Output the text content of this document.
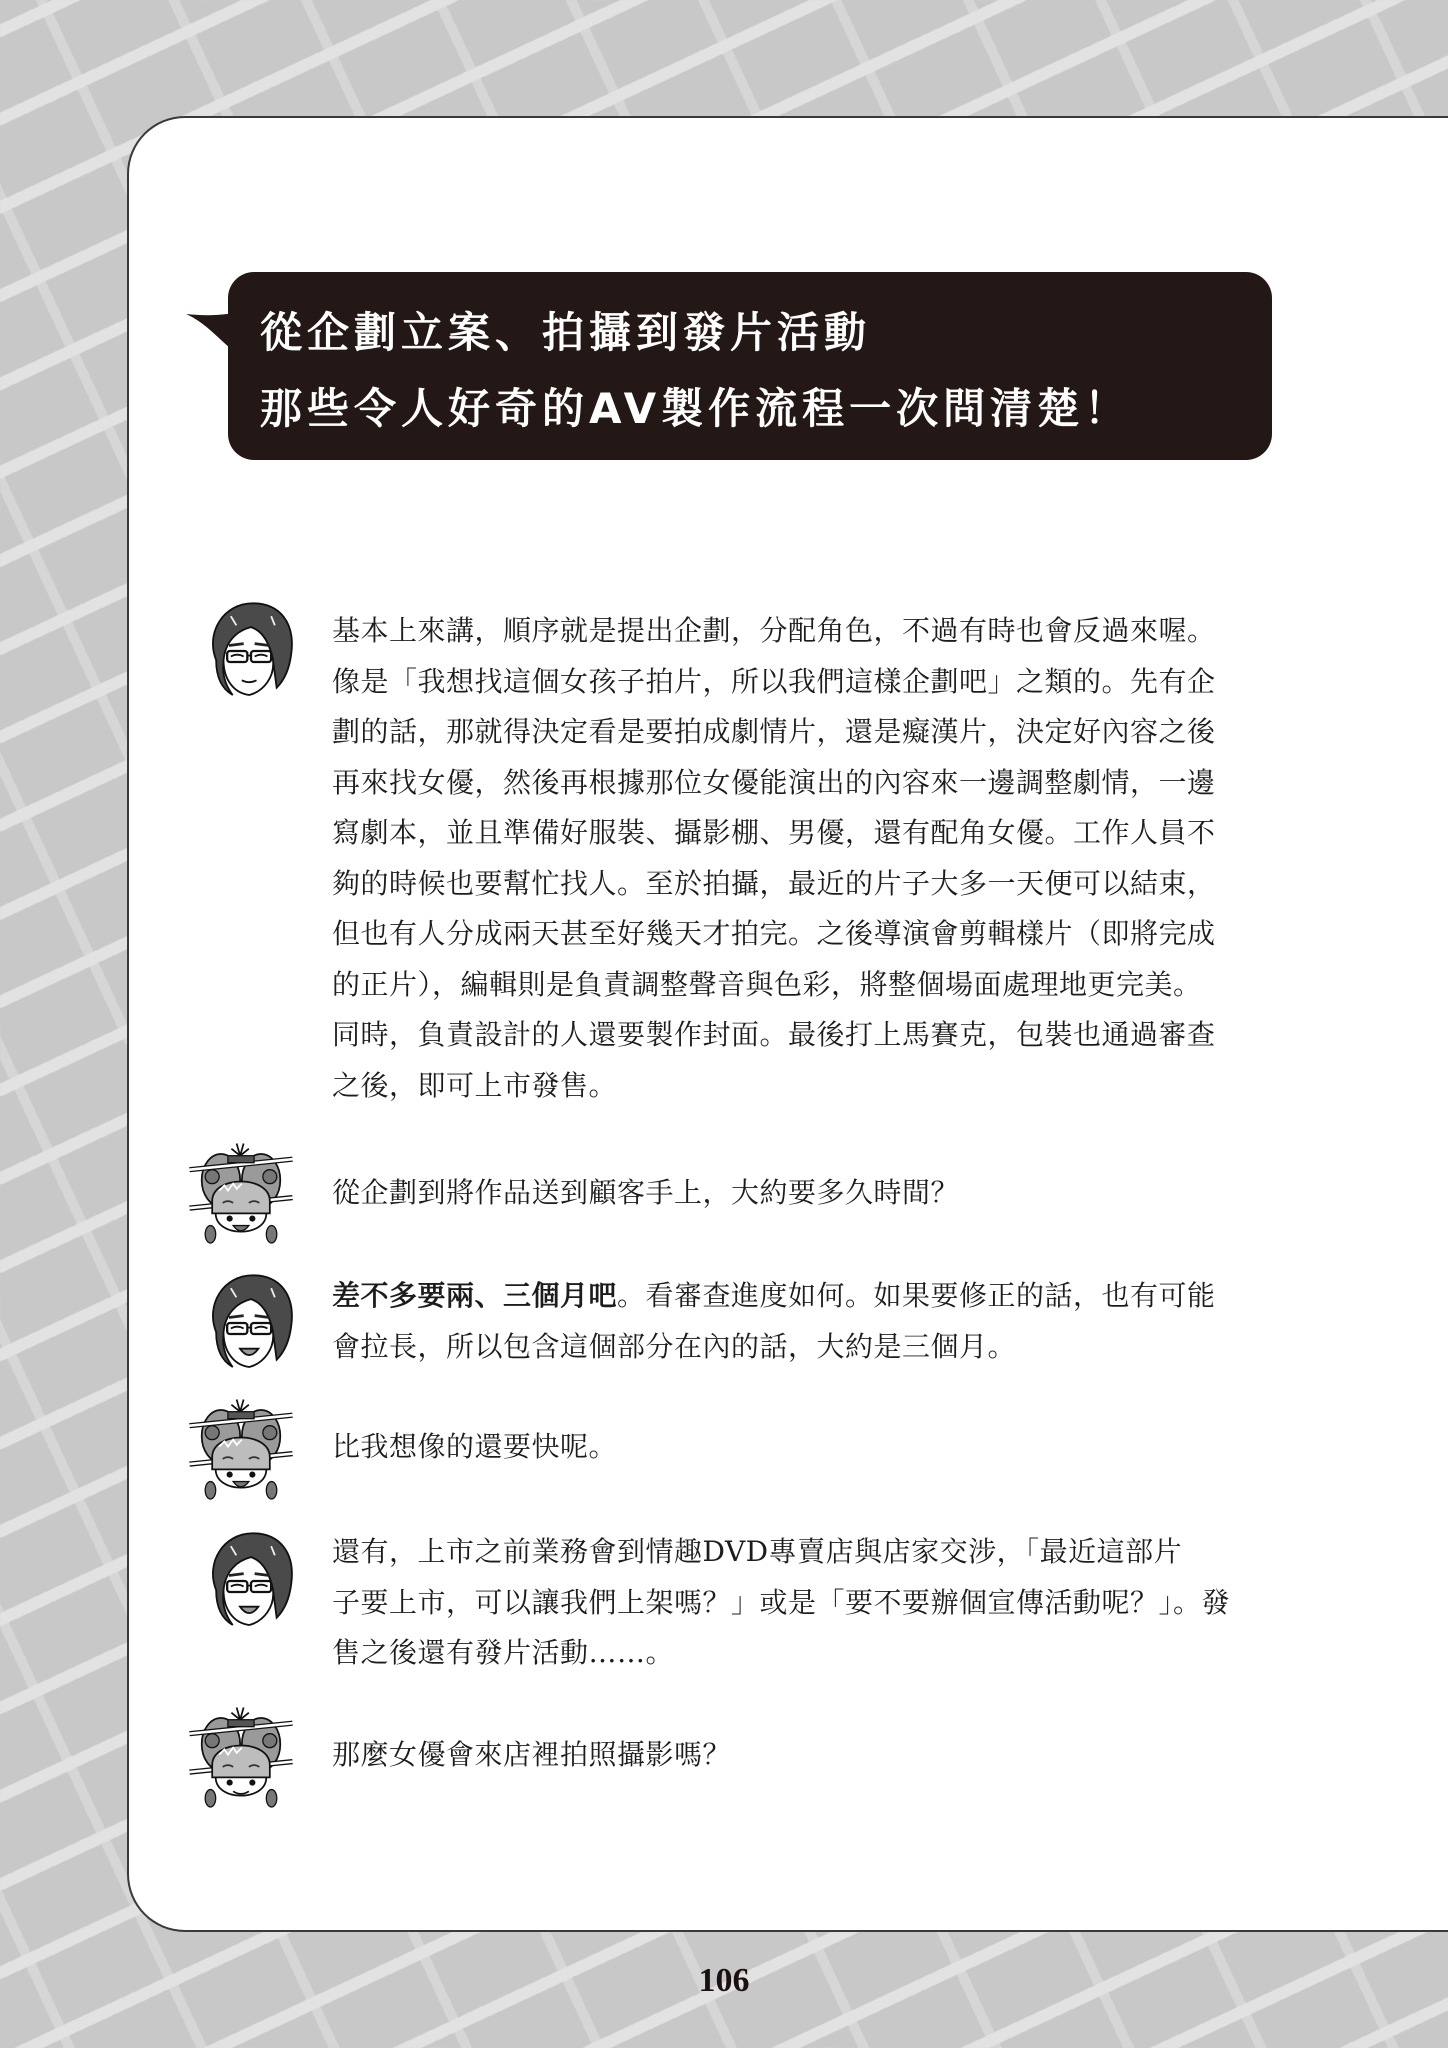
從企劃立案、拍攝到發片活動
那些令人好奇的AV製作流程一次問清楚！
基本上來講，順序就是提出企劃，分配角色，不過有時也會反過來喔。
像是「我想找這個女孩子拍片，所以我們這樣企劃吧」之類的。先有企
劃的話，那就得決定看是要拍成劇情片，還是癡漢片，決定好內容之後
再來找女優，然後再根據那位女優能演出的內容來一邊調整劇情，一邊
寫劇本，並且準備好服裝、攝影棚、男優，還有配角女優。工作人員不
夠的時候也要幫忙找人。至於拍攝，最近的片子大多一天便可以結束，
但也有人分成兩天甚至好幾天才拍完。之後導演會剪輯樣片（即將完成
的正片），編輯則是負責調整聲音與色彩，將整個場面處理地更完美。
同時，負責設計的人還要製作封面。最後打上馬賽克，包裝也通過審查
之後，即可上市發售。
從企劃到將作品送到顧客手上，大約要多久時間？
差不多要兩、三個月吧。看審查進度如何。如果要修正的話，也有可能
會拉長，所以包含這個部分在內的話，大約是三個月。
比我想像的還要快呢。
還有，上市之前業務會到情趣DVD專賣店與店家交涉，「最近這部片
子要上市，可以讓我們上架嗎？」或是「要不要辦個宣傳活動呢？」。發
售之後還有發片活動……。
那麼女優會來店裡拍照攝影嗎？
106
